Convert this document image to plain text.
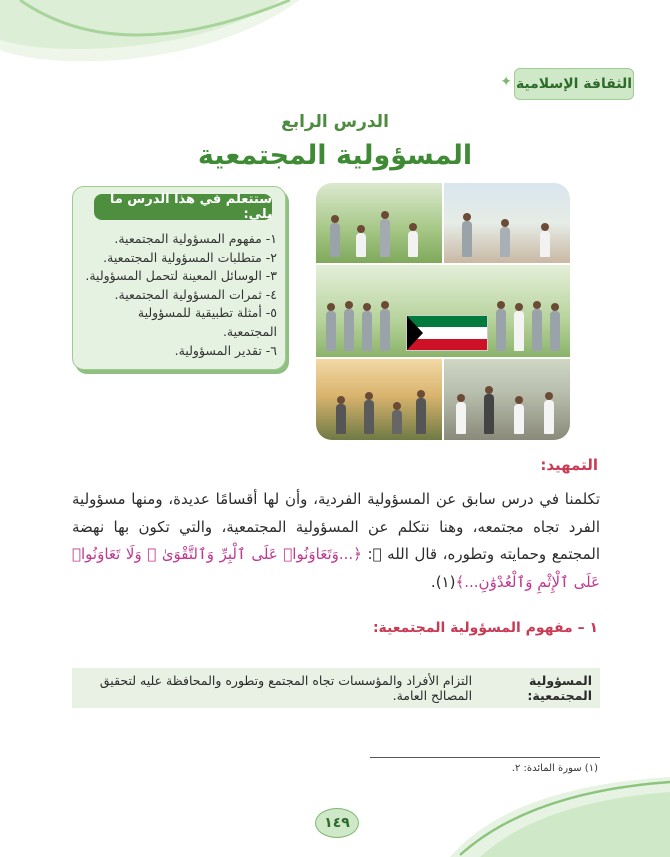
✦ الثقافة الإسلامية
الدرس الرابع
المسؤولية المجتمعية
ستتعلم في هذا الدرس ما يلي:
١- مفهوم المسؤولية المجتمعية.
٢- متطلبات المسؤولية المجتمعية.
٣- الوسائل المعينة لتحمل المسؤولية.
٤- ثمرات المسؤولية المجتمعية.
٥- أمثلة تطبيقية للمسؤولية المجتمعية.
٦- تقدير المسؤولية.
التمهيد:

تكلمنا في درس سابق عن المسؤولية الفردية، وأن لها أقسامًا عديدة، ومنها مسؤولية الفرد تجاه مجتمعه، وهنا نتكلم عن المسؤولية المجتمعية، والتي تكون بها نهضة المجتمع وحمايته وتطوره، قال الله ﷻ: ﴿...وَتَعَاوَنُوا۟ عَلَى ٱلْبِرِّ وَٱلتَّقْوَىٰ ۖ وَلَا تَعَاوَنُوا۟ عَلَى ٱلْإِثْمِ وَٱلْعُدْوَٰنِ...﴾(١).

١ – مفهوم المسؤولية المجتمعية:
المسؤولية المجتمعية:
التزام الأفراد والمؤسسات تجاه المجتمع وتطوره والمحافظة عليه لتحقيق المصالح العامة.
(١) سورة المائدة: ٢.
١٤٩
